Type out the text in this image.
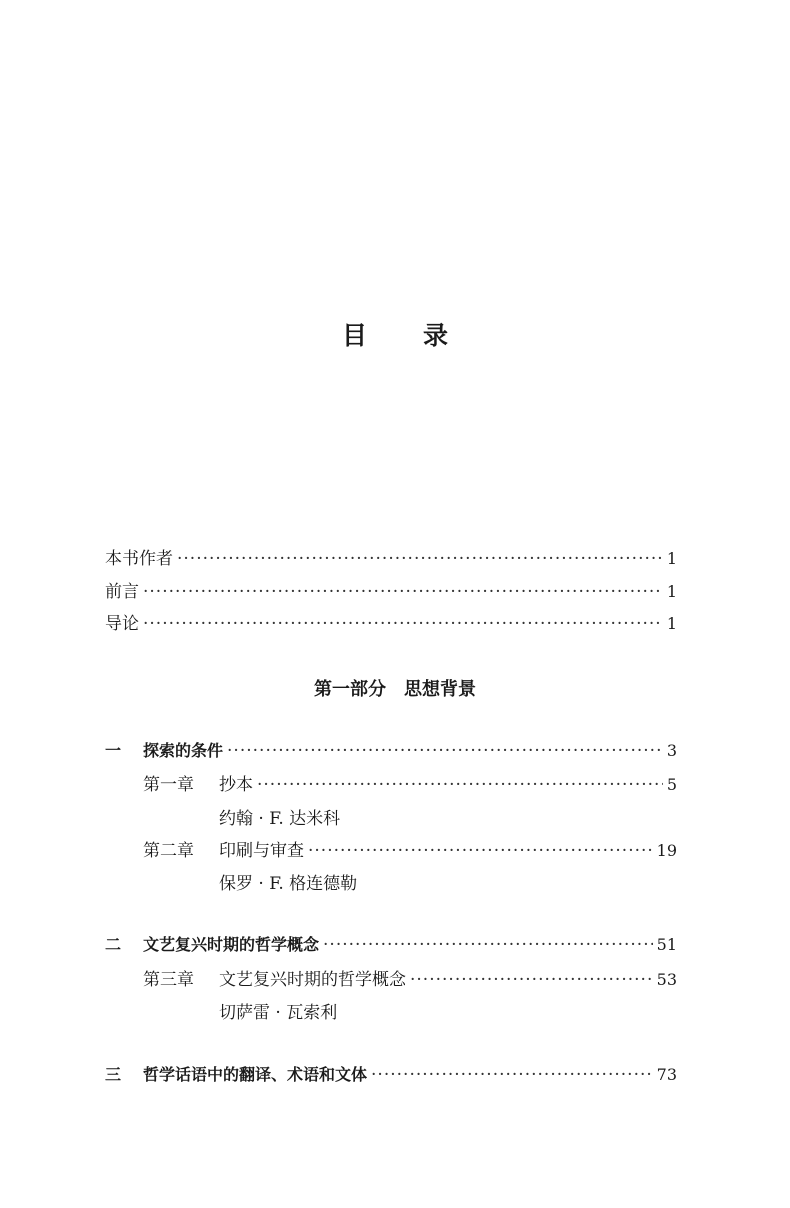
目 录
本书作者 ·····	1
前言 ·····	1
导论 ·····	1
第一部分　思想背景
一	探索的条件 ·····	3
第一章	抄本 ·····	5
约翰 · F. 达米科
第二章	印刷与审查 ·····	19
保罗 · F. 格连德勒
二	文艺复兴时期的哲学概念 ·····	51
第三章	文艺复兴时期的哲学概念 ·····	53
切萨雷 · 瓦索利
三	哲学话语中的翻译、术语和文体 ·····	73
